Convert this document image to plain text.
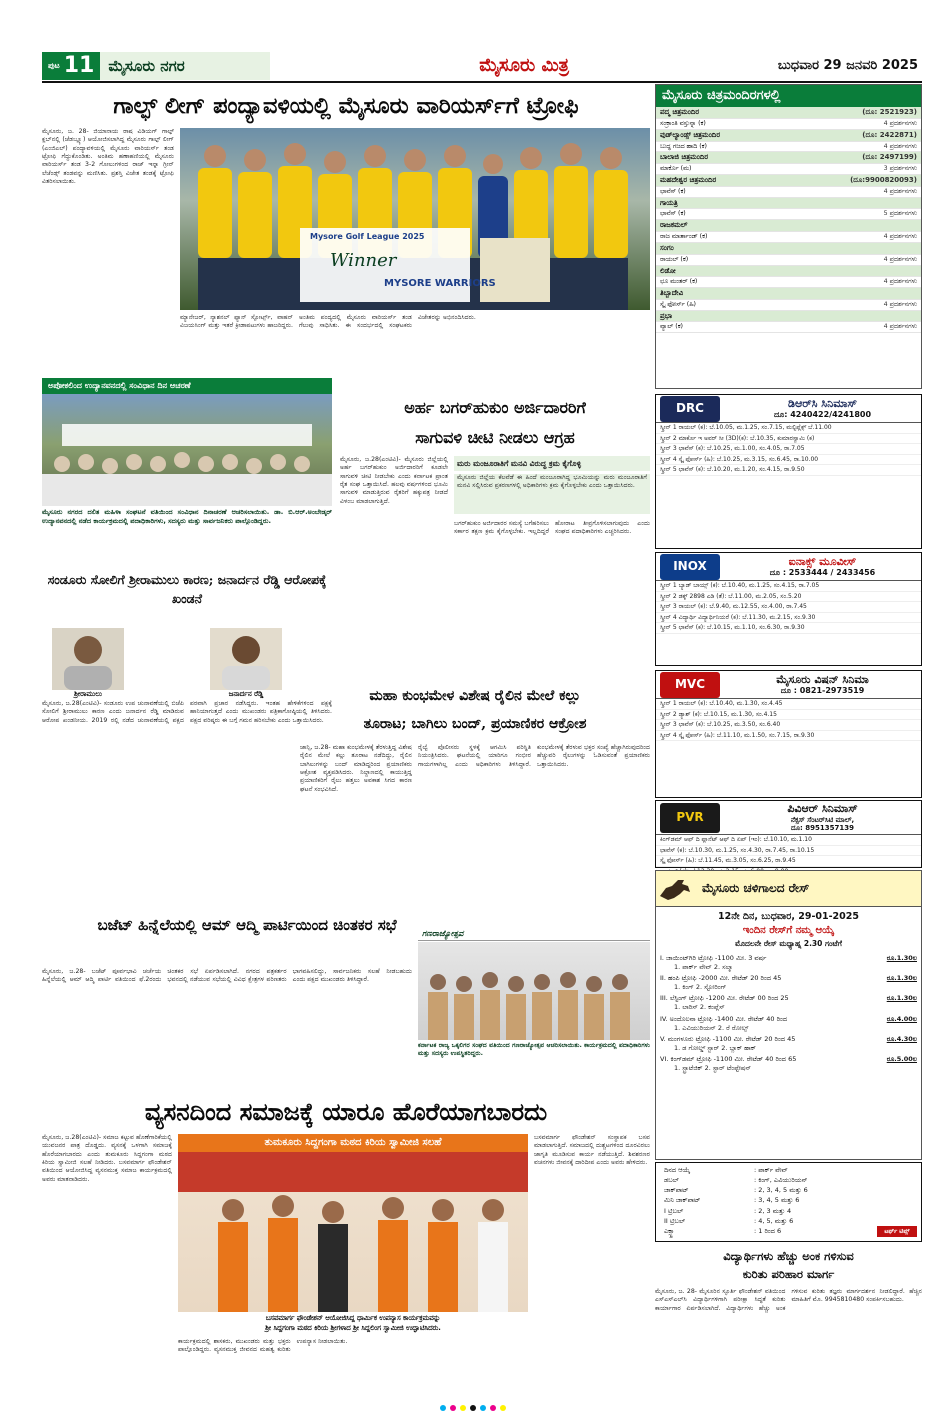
ಪುಟ 11 ಮೈಸೂರು ನಗರ	ಮೈಸೂರು ಮಿತ್ರ	ಬುಧವಾರ 29 ಜನವರಿ 2025
ಗಾಲ್ಫ್ ಲೀಗ್ ಪಂದ್ಯಾವಳಿಯಲ್ಲಿ ಮೈಸೂರು ವಾರಿಯರ್ಸ್‌ಗೆ ಟ್ರೋಫಿ
ಮೈಸೂರು, ಜ. 28- ಜಿಯಾನಾಯ ರಾಷ ವಿಡಿಯಗ್ ಗಾಲ್ಫ್ ಕ್ಲಬ್‌ನಲ್ಲಿ (ಜೆಡಬ್ಲ್ಯೂ) ಆಯೋಜಿಸಲಾಗಿದ್ದ ಮೈಸೂರು ಗಾಲ್ಫ್ ಲೀಗ್ (ಎಂಜಿಎಲ್) ಪಂದ್ಯಾವಳಿಯಲ್ಲಿ ಮೈಸೂರು ವಾರಿಯರ್ಸ್ ತಂಡ ಟ್ರೋಫಿ ಗೆದ್ದುಕೊಂಡಿತು. ಅಂತಿಮ ಹಣಾಹಣಿಯಲ್ಲಿ ಮೈಸೂರು ವಾರಿಯರ್ಸ್ ತಂಡ 3-2 ಗೋಲುಗಳಿಂದ ರಾಜ್ ಇನ್ನಾ ಗ್ರೀನ್ ಲೆಜೆಂಡ್ಸ್ ತಂಡವನ್ನು ಮಣಿಸಿತು. ಪ್ರಶಸ್ತಿ ವಿಜೇತ ತಂಡಕ್ಕೆ ಟ್ರೋಫಿ ವಿತರಿಸಲಾಯಿತು.
Mysore Golf League 2025
Winner
MYSORE WARRIORS
ಮ್ಯಾನೇಜರ್, ನ್ಯಾಶನಲ್ ಫ್ಯಾನ್ ಸ್ಪೋರ್ಟ್ಸ್, ವಾಹನ್ ವಿಜಯಸಿಂಗ್ ಮತ್ತು ಇತರೆ ಕ್ರೀಡಾಪಟುಗಳು ಹಾಜರಿದ್ದರು. ಅಂತಿಮ ಪಂದ್ಯದಲ್ಲಿ ಮೈಸೂರು ವಾರಿಯರ್ಸ್ ತಂಡ ಗೆಲುವು ಸಾಧಿಸಿತು. ಈ ಸಂದರ್ಭದಲ್ಲಿ ಸಂಘಟಕರು ವಿಜೇತರನ್ನು ಅಭಿನಂದಿಸಿದರು.
ಅಪೋಕಲಿಂದ ಉದ್ಯಾನವನದಲ್ಲಿ ಸಂವಿಧಾನ ದಿನ ಆಚರಣೆ
ಮೈಸೂರು ನಗರದ ದಲಿತ ಮಹಿಳಾ ಸಂಘಟನೆ ವತಿಯಿಂದ ಸಂವಿಧಾನ ದಿನಾಚರಣೆ ಆಚರಿಸಲಾಯಿತು. ಡಾ. ಬಿ.ಆರ್.ಅಂಬೇಡ್ಕರ್ ಉದ್ಯಾನವನದಲ್ಲಿ ನಡೆದ ಕಾರ್ಯಕ್ರಮದಲ್ಲಿ ಪದಾಧಿಕಾರಿಗಳು, ಸದಸ್ಯರು ಮತ್ತು ಸಾರ್ವಜನಿಕರು ಪಾಲ್ಗೊಂಡಿದ್ದರು.
ಸಂಡೂರು ಸೋಲಿಗೆ ಶ್ರೀರಾಮುಲು ಕಾರಣ; ಜನಾರ್ದನ ರೆಡ್ಡಿ ಆರೋಪಕ್ಕೆ ಖಂಡನೆ
ಶ್ರೀರಾಮುಲು	ಜನಾರ್ದನ ರೆಡ್ಡಿ
ಮೈಸೂರು, ಜ.28(ಎಂಟಿವಿ)- ಸಂಡೂರು ಉಪ ಚುನಾವಣೆಯಲ್ಲಿ ಬಿಜೆಪಿ ಸೋಲಿಗೆ ಶ್ರೀರಾಮುಲು ಕಾರಣ ಎಂದು ಜನಾರ್ದನ ರೆಡ್ಡಿ ಮಾಡಿರುವ ಆರೋಪ ಖಂಡನೀಯ. 2019 ರಲ್ಲಿ ನಡೆದ ಚುನಾವಣೆಯಲ್ಲಿ ಪಕ್ಷದ ಪರವಾಗಿ ಪ್ರಚಾರ ನಡೆಸಿದ್ದರು. ಇಂತಹ ಹೇಳಿಕೆಗಳಿಂದ ಪಕ್ಷಕ್ಕೆ ಹಾನಿಯಾಗುತ್ತದೆ ಎಂದು ಮುಖಂಡರು ಪತ್ರಿಕಾಗೋಷ್ಠಿಯಲ್ಲಿ ತಿಳಿಸಿದರು. ಪಕ್ಷದ ವರಿಷ್ಠರು ಈ ಬಗ್ಗೆ ಗಮನ ಹರಿಸಬೇಕು ಎಂದು ಒತ್ತಾಯಿಸಿದರು.
ಬಜೆಟ್ ಹಿನ್ನೆಲೆಯಲ್ಲಿ ಆಮ್ ಆದ್ಮಿ ಪಾರ್ಟಿಯಿಂದ ಚಿಂತಕರ ಸಭೆ
ಮೈಸೂರು, ಜ.28- ಬಜೆಟ್ ಪೂರ್ವಭಾವಿ ಚರ್ಚೆಯ ಹಿನ್ನೆಲೆಯಲ್ಲಿ ಆಮ್ ಆದ್ಮಿ ಪಾರ್ಟಿ ವತಿಯಿಂದ ಫೆ.2ರಂದು ಚಿಂತಕರ ಸಭೆ ಏರ್ಪಡಿಸಲಾಗಿದೆ. ನಗರದ ಪತ್ರಕರ್ತರ ಭವನದಲ್ಲಿ ನಡೆಯುವ ಸಭೆಯಲ್ಲಿ ವಿವಿಧ ಕ್ಷೇತ್ರಗಳ ಪರಿಣತರು ಭಾಗವಹಿಸಲಿದ್ದು, ಸಾರ್ವಜನಿಕರು ಸಲಹೆ ನೀಡಬಹುದು ಎಂದು ಪಕ್ಷದ ಮುಖಂಡರು ತಿಳಿಸಿದ್ದಾರೆ.
ಅರ್ಹ ಬಗರ್‌ಹುಕುಂ ಅರ್ಜಿದಾರರಿಗೆ
ಸಾಗುವಳಿ ಚೀಟಿ ನೀಡಲು ಆಗ್ರಹ
ಮೈಸೂರು, ಜ.28(ಎಂಟಿವಿ)- ಮೈಸೂರು ಜಿಲ್ಲೆಯಲ್ಲಿ ಅರ್ಹ ಬಗರ್‌ಹುಕುಂ ಅರ್ಜಿದಾರರಿಗೆ ಕೂಡಲೇ ಸಾಗುವಳಿ ಚೀಟಿ ನೀಡಬೇಕು ಎಂದು ಕರ್ನಾಟಕ ಪ್ರಾಂತ ರೈತ ಸಂಘ ಒತ್ತಾಯಿಸಿದೆ. ಹಲವು ವರ್ಷಗಳಿಂದ ಭೂಮಿ ಸಾಗುವಳಿ ಮಾಡುತ್ತಿರುವ ರೈತರಿಗೆ ಹಕ್ಕುಪತ್ರ ನೀಡದೆ ವಿಳಂಬ ಮಾಡಲಾಗುತ್ತಿದೆ.
ಮರು ಮಂಜೂರಾತಿಗೆ ಮನವಿ ವಿರುದ್ಧ ಕ್ರಮ ಕೈಗೊಳ್ಳಿ
ಮೈಸೂರು ಜಿಲ್ಲೆಯ ಕೆಲವೆಡೆ ಈ ಹಿಂದೆ ಮಂಜೂರಾಗಿದ್ದ ಭೂಮಿಯನ್ನು ಮರು ಮಂಜೂರಾತಿಗೆ ಮನವಿ ಸಲ್ಲಿಸಿರುವ ಪ್ರಕರಣಗಳಲ್ಲಿ ಅಧಿಕಾರಿಗಳು ಕ್ರಮ ಕೈಗೊಳ್ಳಬೇಕು ಎಂದು ಒತ್ತಾಯಿಸಿದರು.
ಬಗರ್‌ಹುಕುಂ ಅರ್ಜಿದಾರರ ಸಮಸ್ಯೆ ಬಗೆಹರಿಸಲು ಸರ್ಕಾರ ತಕ್ಷಣ ಕ್ರಮ ಕೈಗೊಳ್ಳಬೇಕು. ಇಲ್ಲದಿದ್ದರೆ ಹೋರಾಟ ತೀವ್ರಗೊಳಿಸಲಾಗುವುದು ಎಂದು ಸಂಘದ ಪದಾಧಿಕಾರಿಗಳು ಎಚ್ಚರಿಸಿದರು.
ಮಹಾ ಕುಂಭಮೇಳ ವಿಶೇಷ ರೈಲಿನ ಮೇಲೆ ಕಲ್ಲು
ತೂರಾಟ; ಬಾಗಿಲು ಬಂದ್, ಪ್ರಯಾಣಿಕರ ಆಕ್ರೋಶ
ಜಾನ್ಸಿ, ಜ.28- ಮಹಾ ಕುಂಭಮೇಳಕ್ಕೆ ತೆರಳುತ್ತಿದ್ದ ವಿಶೇಷ ರೈಲಿನ ಮೇಲೆ ಕಲ್ಲು ತೂರಾಟ ನಡೆದಿದ್ದು, ರೈಲಿನ ಬಾಗಿಲುಗಳನ್ನು ಬಂದ್ ಮಾಡಿದ್ದರಿಂದ ಪ್ರಯಾಣಿಕರು ಆಕ್ರೋಶ ವ್ಯಕ್ತಪಡಿಸಿದರು. ನಿಲ್ದಾಣದಲ್ಲಿ ಕಾಯುತ್ತಿದ್ದ ಪ್ರಯಾಣಿಕರಿಗೆ ರೈಲು ಹತ್ತಲು ಅವಕಾಶ ಸಿಗದ ಕಾರಣ ಘಟನೆ ಸಂಭವಿಸಿದೆ.
ರೈಲ್ವೆ ಪೊಲೀಸರು ಸ್ಥಳಕ್ಕೆ ಆಗಮಿಸಿ ಪರಿಸ್ಥಿತಿ ನಿಯಂತ್ರಿಸಿದರು. ಘಟನೆಯಲ್ಲಿ ಯಾರಿಗೂ ಗಂಭೀರ ಗಾಯಗಳಾಗಿಲ್ಲ ಎಂದು ಅಧಿಕಾರಿಗಳು ತಿಳಿಸಿದ್ದಾರೆ. ಕುಂಭಮೇಳಕ್ಕೆ ತೆರಳುವ ಭಕ್ತರ ಸಂಖ್ಯೆ ಹೆಚ್ಚಾಗಿರುವುದರಿಂದ ಹೆಚ್ಚುವರಿ ರೈಲುಗಳನ್ನು ಓಡಿಸುವಂತೆ ಪ್ರಯಾಣಿಕರು ಒತ್ತಾಯಿಸಿದರು.
ಗಣರಾಜ್ಯೋತ್ಸವ
ಕರ್ನಾಟಕ ರಾಜ್ಯ ಒಕ್ಕಲಿಗರ ಸಂಘದ ವತಿಯಿಂದ ಗಣರಾಜ್ಯೋತ್ಸವ ಆಚರಿಸಲಾಯಿತು. ಕಾರ್ಯಕ್ರಮದಲ್ಲಿ ಪದಾಧಿಕಾರಿಗಳು ಮತ್ತು ಸದಸ್ಯರು ಉಪಸ್ಥಿತರಿದ್ದರು.
ವ್ಯಸನದಿಂದ ಸಮಾಜಕ್ಕೆ ಯಾರೂ ಹೊರೆಯಾಗಬಾರದು
ಮೈಸೂರು, ಜ.28(ಎಂಟಿವಿ)- ಸಮಾಜ ಕಟ್ಟುವ ಹೊಣೆಗಾರಿಕೆಯಲ್ಲಿ ಯುವಜನರ ಪಾತ್ರ ದೊಡ್ಡದು. ವ್ಯಸನಕ್ಕೆ ಒಳಗಾಗಿ ಸಮಾಜಕ್ಕೆ ಹೊರೆಯಾಗಬಾರದು ಎಂದು ತುಮಕೂರು ಸಿದ್ದಗಂಗಾ ಮಠದ ಕಿರಿಯ ಸ್ವಾಮೀಜಿ ಸಲಹೆ ನೀಡಿದರು. ಬಸವಮಾರ್ಗ ಫೌಂಡೇಶನ್ ವತಿಯಿಂದ ಆಯೋಜಿಸಿದ್ದ ವ್ಯಸನಮುಕ್ತ ಸಮಾಜ ಕಾರ್ಯಕ್ರಮದಲ್ಲಿ ಅವರು ಮಾತನಾಡಿದರು.
ತುಮಕೂರು ಸಿದ್ದಗಂಗಾ ಮಠದ ಕಿರಿಯ ಸ್ವಾಮೀಜಿ ಸಲಹೆ
ಬಸವಮಾರ್ಗ ಫೌಂಡೇಶನ್ ಆಯೋಜಿಸಿದ್ದ ಧಾರ್ಮಿಕ ಉಪನ್ಯಾಸ ಕಾರ್ಯಕ್ರಮವನ್ನು
ಶ್ರೀ ಸಿದ್ದಗಂಗಾ ಮಠದ ಕಿರಿಯ ಶ್ರೀಗಳಾದ ಶ್ರೀ ಸಿದ್ದಲಿಂಗ ಸ್ವಾಮೀಜಿ ಉದ್ಘಾಟಿಸಿದರು.
ಕಾರ್ಯಕ್ರಮದಲ್ಲಿ ಶಾಸಕರು, ಮುಖಂಡರು ಮತ್ತು ಭಕ್ತರು ಪಾಲ್ಗೊಂಡಿದ್ದರು. ವ್ಯಸನಮುಕ್ತ ಜೀವನದ ಮಹತ್ವ ಕುರಿತು ಉಪನ್ಯಾಸ ನೀಡಲಾಯಿತು.
ಬಸವಮಾರ್ಗ ಫೌಂಡೇಶನ್ ಸಂಸ್ಥಾಪಕ ಬಸವ ಮಾಡಲಾಗುತ್ತಿದೆ. ಸಮಾಜದಲ್ಲಿ ದುಶ್ಚಟಗಳಿಂದ ದೂರವಿರಲು ಜಾಗೃತಿ ಮೂಡಿಸುವ ಕಾರ್ಯ ನಡೆಯುತ್ತಿದೆ. ಶಿವಶರಣರ ವಚನಗಳು ಜೀವನಕ್ಕೆ ದಾರಿದೀಪ ಎಂದು ಅವರು ಹೇಳಿದರು.
ಮೈಸೂರು ಚಿತ್ರಮಂದಿರಗಳಲ್ಲಿ
ಪದ್ಮ ಚಿತ್ರಮಂದಿರ	(ದೂ: 2521923)
ಸಂಕ್ರಾಂತಿ ವಸ್ತುನ್ನಾ (ಕ)	4 ಪ್ರದರ್ಶನಗಳು
ವುಡ್‌ಲ್ಯಾಂಡ್ಸ್ ಚಿತ್ರಮಂದಿರ	(ದೂ: 2422871)
ಬುದ್ಧ ಗಜದ ಹಾದಿ (ಕ)	4 ಪ್ರದರ್ಶನಗಳು
ಬಾಲಾಜಿ ಚಿತ್ರಮಂದಿರ	(ದೂ: 2497199)
ಮಾರ್ಕೊ (ಮ)	3 ಪ್ರದರ್ಶನಗಳು
ಮಹದೇಶ್ವರ ಚಿತ್ರಮಂದಿರ	(ದೂ:9900820093)
ಛಾವೆಸ್ (ಕ)	4 ಪ್ರದರ್ಶನಗಳು
ಗಾಯತ್ರಿ
ಛಾವೆಸ್ (ಕ)	5 ಪ್ರದರ್ಶನಗಳು
ರಾಜಕಮಲ್
ರಾಜ ಮಾರ್ತಾಂಡ್ (ಕ)	4 ಪ್ರದರ್ಶನಗಳು
ಸಂಗಂ
ರಾಯಲ್ (ಕ)	4 ಪ್ರದರ್ಶನಗಳು
ಲಿಡೋ
ಛೂ ಮಂತರ್ (ಕ)	4 ಪ್ರದರ್ಶನಗಳು
ತಿಬ್ಬಾದೇವಿ
ಸ್ಕೈ ಫೋರ್ಸ್ (ಹಿ)	4 ಪ್ರದರ್ಶನಗಳು
ಪ್ರಭಾ
ವ್ಯಾಲ್ (ಕ)	4 ಪ್ರದರ್ಶನಗಳು
DRC	ಡಿಆರ್‌ಸಿ ಸಿನಿಮಾಸ್
ದೂ: 4240422/4241800
ಸ್ಕ್ರೀನ್ 1 ರಾಯಲ್ (ಕ): ಬೆ.10.05, ಮ.1.25, ಸಂ.7.15, ಮಲ್ಟಿಪ್ಲೆಕ್ಸ್ ಬೆ.11.00
ಸ್ಕ್ರೀನ್ 2 ಮಾರ್ಕೊ ಇ ಅವರ್ ಸೀ (3D)(ಕ): ಬೆ.10.35, ಕುಮಾರಸ್ವಾಮಿ (ಕ)
ಸ್ಕ್ರೀನ್ 3 ಛಾವೆಸ್ (ಕ): ಬೆ.10.25, ಮ.1.00, ಸಂ.4.05, ರಾ.7.05
ಸ್ಕ್ರೀನ್ 4 ಸ್ಕೈ ಫೋರ್ಸ್ (ಹಿ): ಬೆ.10.25, ಮ.3.15, ಸಂ.6.45, ರಾ.10.00
ಸ್ಕ್ರೀನ್ 5 ಛಾವೆಸ್ (ಕ): ಬೆ.10.20, ಮ.1.20, ಸಂ.4.15, ರಾ.9.50
INOX	ಐನಾಕ್ಸ್ ಮೂವೀಸ್
ದೂ : 2533444 / 2433456
ಸ್ಕ್ರೀನ್ 1 ಬ್ಯಾಡ್ ಬಾಯ್ಸ್ (ಕ): ಬೆ.10.40, ಮ.1.25, ಸಂ.4.15, ರಾ.7.05
ಸ್ಕ್ರೀನ್ 2 ಡಕ್ಕ್ 2898 ಎಡಿ (ತೆ): ಬೆ.11.00, ಮ.2.05, ಸಂ.5.20
ಸ್ಕ್ರೀನ್ 3 ರಾಯಲ್ (ಕ): ಬೆ.9.40, ಮ.12.55, ಸಂ.4.00, ರಾ.7.45
ಸ್ಕ್ರೀನ್ 4 ವಿದ್ಯಾರ್ಥಿ ವಿದ್ಯಾರ್ಥಿನಿಯರೆ (ಕ): ಬೆ.11.30, ಮ.2.15, ಸಂ.9.30
ಸ್ಕ್ರೀನ್ 5 ಛಾವೆಸ್ (ಕ): ಬೆ.10.15, ಮ.1.10, ಸಂ.6.30, ರಾ.9.30
MVC	ಮೈಸೂರು ವಿಷನ್ ಸಿನಿಮಾ
ದೂ : 0821-2973519
ಸ್ಕ್ರೀನ್ 1 ರಾಯಲ್ (ಕ): ಬೆ.10.40, ಮ.1.30, ಸಂ.4.45
ಸ್ಕ್ರೀನ್ 2 ಡ್ಯಾಶ್ (ಕ): ಬೆ.10.15, ಮ.1.30, ಸಂ.4.15
ಸ್ಕ್ರೀನ್ 3 ಛಾವೆಸ್ (ಕ): ಬೆ.10.25, ಮ.3.50, ಸಂ.6.40
ಸ್ಕ್ರೀನ್ 4 ಸ್ಕೈ ಫೋರ್ಸ್ (ಹಿ): ಬೆ.11.10, ಮ.1.50, ಸಂ.7.15, ರಾ.9.30
PVR
ಪಿವಿಆರ್ ಸಿನಿಮಾಸ್
ನೆಕ್ಸಸ್ ಸೆಂಟರ್‌ಸಿಟಿ ಮಾಲ್,
ದೂ: 8951357139
ಕಿಂಗ್‌ಡಮ್ ಆಫ್ ದಿ ಪ್ಲಾನೆಟ್ ಆಫ್ ದಿ ಏಪ್ (ಇಂ): ಬೆ.10.10, ಮ.1.10
ಛಾವೆಸ್ (ಕ): ಬೆ.10.30, ಮ.1.25, ಸಂ.4.30, ರಾ.7.45, ರಾ.10.15
ಸ್ಕೈ ಫೋರ್ಸ್ (ಹಿ): ಬೆ.11.45, ಮ.3.05, ಸಂ.6.25, ರಾ.9.45
ಮೈಸೂರು ಚಳಿಗಾಲದ ರೇಸ್
12ನೇ ದಿನ, ಬುಧವಾರ, 29-01-2025
ಇಂದಿನ ರೇಸ್‌ಗೆ ನಮ್ಮ ಆಯ್ಕೆ
ಮೊದಲನೇ ರೇಸ್ ಮಧ್ಯಾಹ್ನ 2.30 ಗಂಟೆಗೆ
I. ಜಾಯಿಂಟ್‌ಗಿರಿ ಟ್ರೋಫಿ -1100 ಮೀ. 3 ವರ್ಷ	ರೂ.1.30ಲ
1. ಪಾರ್ಕ್ ವೇವ್ 2. ಸಲ್ಮಾ
II. ಹಂಪಿ ಟ್ರೋಫಿ -2000 ಮೀ. ರೇಟೆಡ್ 20 ರಿಂದ 45	ರೂ.1.30ಲ
1. ಕಿಂಗ್ 2. ಸ್ಟೋರಿಂಗ್
III. ಲೆಸ್ಟಿಂಗ್ ಟ್ರೋಫಿ -1200 ಮೀ. ರೇಟೆಡ್ 00 ರಿಂದ 25	ರೂ.1.30ಲ
1. ಲಾರಿಸ್ 2. ಕಂಪ್ಲೆಸ್
IV. ಅಂದೊಲನಾ ಟ್ರೋಫಿ -1400 ಮೀ. ರೇಟೆಡ್ 40 ರಿಂದ	ರೂ.4.00ಲ
1. ಎವಿಯುರಿಯನ್ 2. ರೆ ರೋಲ್ಸ್
V. ಮಂಗಳೂರು ಟ್ರೋಫಿ -1100 ಮೀ. ರೇಟೆಡ್ 20 ರಿಂದ 45	ರೂ.4.30ಲ
1. ಡ ಗೋಲ್ಡ್ ಸ್ಟಾರ್ 2. ಬ್ಲಾಕ್ ಹಾಕ್
VI. ಕಿಂಗ್‌ಡಮ್ ಟ್ರೋಫಿ -1100 ಮೀ. ರೇಟೆಡ್ 40 ರಿಂದ 65	ರೂ.5.00ಲ
1. ಸ್ಟ್ರಾಟೆಜಿಕ್ 2. ಸ್ಟಾರ್ ಟೆಂಪ್ಟೇಷನ್
ದಿನದ ಆಯ್ಕೆ	: ಪಾರ್ಕ್ ವೇವ್
ಡಬಲ್	: ಕಿಂಗ್, ಎವಿಯುರಿಯನ್
ಜಾಕ್‌ಪಾಟ್	: 2, 3, 4, 5 ಮತ್ತು 6
ಮಿನಿ ಜಾಕ್‌ಪಾಟ್	: 3, 4, 5 ಮತ್ತು 6
I ಟ್ರಿಬಲ್	: 2, 3 ಮತ್ತು 4
II ಟ್ರಿಬಲ್	: 4, 5, ಮತ್ತು 6
ಎಕ್ಸ್ಟ್ರಾ	: 1 ರಿಂದ 6	ಟರ್ಫ್ ಟಿಪ್ಸ್
ವಿದ್ಯಾರ್ಥಿಗಳು ಹೆಚ್ಚು ಅಂಕ ಗಳಿಸುವ
ಕುರಿತು ಪರಿಹಾರ ಮಾರ್ಗ
ಮೈಸೂರು, ಜ. 28- ಮೈಸೂರಿನ ಸ್ಫೂರ್ತಿ ಫೌಂಡೇಶನ್ ವತಿಯಿಂದ ಎಸ್ಎಸ್ಎಲ್‌ಸಿ ವಿದ್ಯಾರ್ಥಿಗಳಿಗಾಗಿ ಪರೀಕ್ಷಾ ಸಿದ್ಧತೆ ಕುರಿತು ಕಾರ್ಯಾಗಾರ ಏರ್ಪಡಿಸಲಾಗಿದೆ. ವಿದ್ಯಾರ್ಥಿಗಳು ಹೆಚ್ಚು ಅಂಕ ಗಳಿಸುವ ಕುರಿತು ತಜ್ಞರು ಮಾರ್ಗದರ್ಶನ ನೀಡಲಿದ್ದಾರೆ. ಹೆಚ್ಚಿನ ಮಾಹಿತಿಗೆ ಮೊ. 9945810480 ಸಂಪರ್ಕಿಸಬಹುದು.
